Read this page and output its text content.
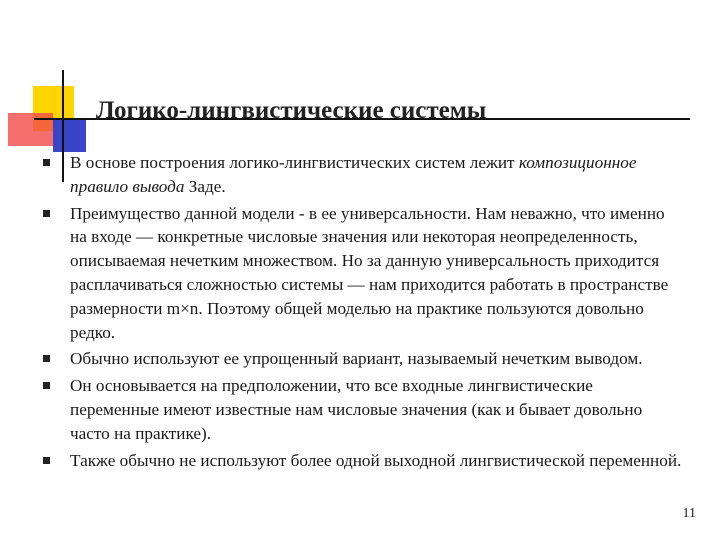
Логико-лингвистические системы
В основе построения логико-лингвистических систем лежит композиционное правило вывода Заде.
Преимущество данной модели - в ее универсальности. Нам неважно, что именно на входе — конкретные числовые значения или некоторая неопределенность, описываемая нечетким множеством. Но за данную универсальность приходится расплачиваться сложностью системы — нам приходится работать в пространстве размерности m×n. Поэтому общей моделью на практике пользуются довольно редко.
Обычно используют ее упрощенный вариант, называемый нечетким выводом.
Он основывается на предположении, что все входные лингвистические переменные имеют известные нам числовые значения (как и бывает довольно часто на практике).
Также обычно не используют более одной выходной лингвистической переменной.
11
